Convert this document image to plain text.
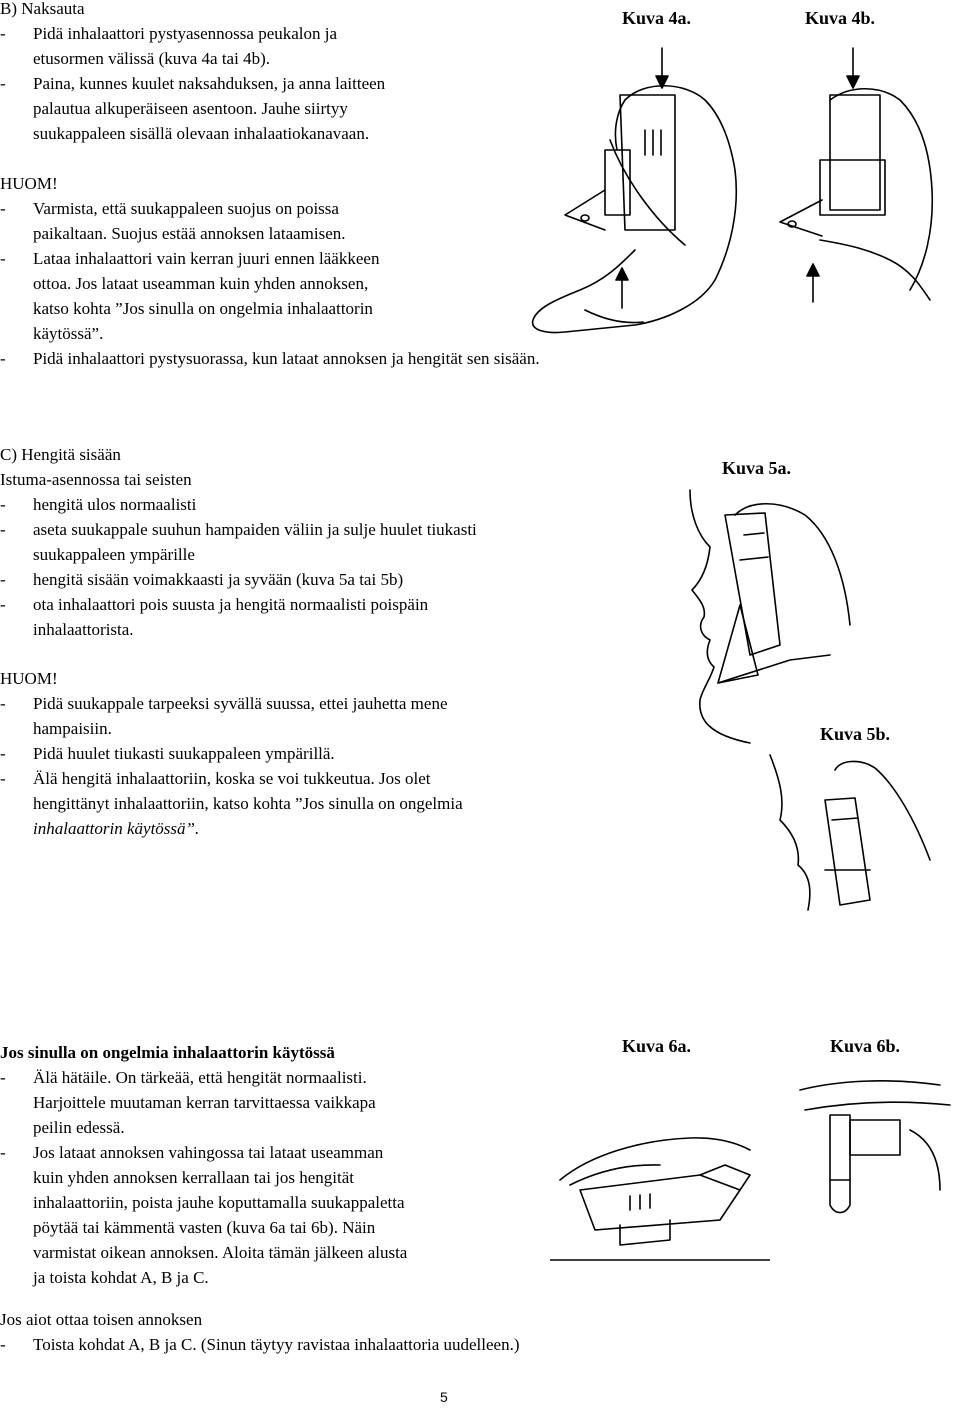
B) Naksauta
- Pidä inhalaattori pystyasennossa peukalon ja
etusormen välissä (kuva 4a tai 4b).
- Paina, kunnes kuulet naksahduksen, ja anna laitteen
palautua alkuperäiseen asentoon. Jauhe siirtyy
suukappaleen sisällä olevaan inhalaatiokanavaan.
HUOM!
- Varmista, että suukappaleen suojus on poissa
paikaltaan. Suojus estää annoksen lataamisen.
- Lataa inhalaattori vain kerran juuri ennen lääkkeen
ottoa. Jos lataat useamman kuin yhden annoksen,
katso kohta ”Jos sinulla on ongelmia inhalaattorin
käytössä”.
- Pidä inhalaattori pystysuorassa, kun lataat annoksen ja hengität sen sisään.
Kuva 4a.	Kuva 4b.
C) Hengitä sisään
Istuma-asennossa tai seisten
- hengitä ulos normaalisti
- aseta suukappale suuhun hampaiden väliin ja sulje huulet tiukasti
suukappaleen ympärille
- hengitä sisään voimakkaasti ja syvään (kuva 5a tai 5b)
- ota inhalaattori pois suusta ja hengitä normaalisti poispäin
inhalaattorista.
HUOM!
- Pidä suukappale tarpeeksi syvällä suussa, ettei jauhetta mene
hampaisiin.
- Pidä huulet tiukasti suukappaleen ympärillä.
- Älä hengitä inhalaattoriin, koska se voi tukkeutua. Jos olet
hengittänyt inhalaattoriin, katso kohta ”Jos sinulla on ongelmia
inhalaattorin käytössä”.
Kuva 5a.
Kuva 5b.
Jos sinulla on ongelmia inhalaattorin käytössä
- Älä hätäile. On tärkeää, että hengität normaalisti.
Harjoittele muutaman kerran tarvittaessa vaikkapa
peilin edessä.
- Jos lataat annoksen vahingossa tai lataat useamman
kuin yhden annoksen kerrallaan tai jos hengität
inhalaattoriin, poista jauhe koputtamalla suukappaletta
pöytää tai kämmentä vasten (kuva 6a tai 6b). Näin
varmistat oikean annoksen. Aloita tämän jälkeen alusta
ja toista kohdat A, B ja C.
Kuva 6a.	Kuva 6b.
Jos aiot ottaa toisen annoksen
- Toista kohdat A, B ja C. (Sinun täytyy ravistaa inhalaattoria uudelleen.)
5
